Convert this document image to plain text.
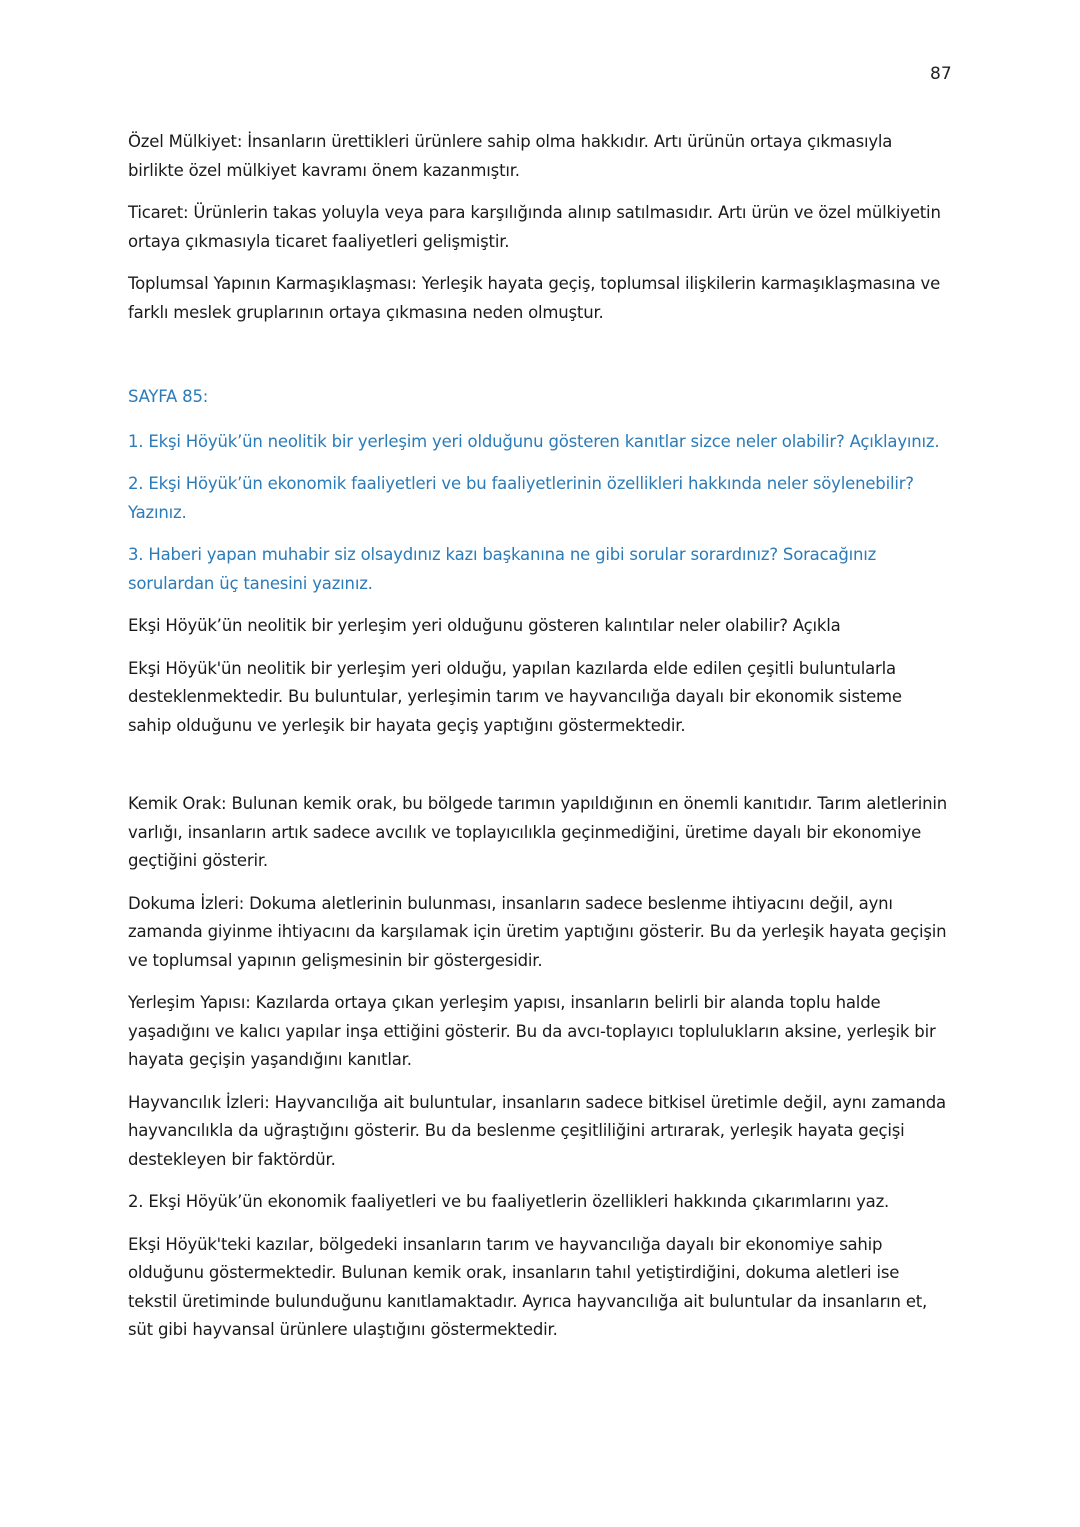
87

Özel Mülkiyet: İnsanların ürettikleri ürünlere sahip olma hakkıdır. Artı ürünün ortaya çıkmasıyla birlikte özel mülkiyet kavramı önem kazanmıştır.

Ticaret: Ürünlerin takas yoluyla veya para karşılığında alınıp satılmasıdır. Artı ürün ve özel mülkiyetin ortaya çıkmasıyla ticaret faaliyetleri gelişmiştir.

Toplumsal Yapının Karmaşıklaşması: Yerleşik hayata geçiş, toplumsal ilişkilerin karmaşıklaşmasına ve farklı meslek gruplarının ortaya çıkmasına neden olmuştur.

SAYFA 85:

1. Ekşi Höyük’ün neolitik bir yerleşim yeri olduğunu gösteren kanıtlar sizce neler olabilir? Açıklayınız.

2. Ekşi Höyük’ün ekonomik faaliyetleri ve bu faaliyetlerinin özellikleri hakkında neler söylenebilir? Yazınız.

3. Haberi yapan muhabir siz olsaydınız kazı başkanına ne gibi sorular sorardınız? Soracağınız sorulardan üç tanesini yazınız.

Ekşi Höyük’ün neolitik bir yerleşim yeri olduğunu gösteren kalıntılar neler olabilir? Açıkla

Ekşi Höyük'ün neolitik bir yerleşim yeri olduğu, yapılan kazılarda elde edilen çeşitli buluntularla desteklenmektedir. Bu buluntular, yerleşimin tarım ve hayvancılığa dayalı bir ekonomik sisteme sahip olduğunu ve yerleşik bir hayata geçiş yaptığını göstermektedir.

Kemik Orak: Bulunan kemik orak, bu bölgede tarımın yapıldığının en önemli kanıtıdır. Tarım aletlerinin varlığı, insanların artık sadece avcılık ve toplayıcılıkla geçinmediğini, üretime dayalı bir ekonomiye geçtiğini gösterir.

Dokuma İzleri: Dokuma aletlerinin bulunması, insanların sadece beslenme ihtiyacını değil, aynı zamanda giyinme ihtiyacını da karşılamak için üretim yaptığını gösterir. Bu da yerleşik hayata geçişin ve toplumsal yapının gelişmesinin bir göstergesidir.

Yerleşim Yapısı: Kazılarda ortaya çıkan yerleşim yapısı, insanların belirli bir alanda toplu halde yaşadığını ve kalıcı yapılar inşa ettiğini gösterir. Bu da avcı-toplayıcı toplulukların aksine, yerleşik bir hayata geçişin yaşandığını kanıtlar.

Hayvancılık İzleri: Hayvancılığa ait buluntular, insanların sadece bitkisel üretimle değil, aynı zamanda hayvancılıkla da uğraştığını gösterir. Bu da beslenme çeşitliliğini artırarak, yerleşik hayata geçişi destekleyen bir faktördür.

2. Ekşi Höyük’ün ekonomik faaliyetleri ve bu faaliyetlerin özellikleri hakkında çıkarımlarını yaz.

Ekşi Höyük'teki kazılar, bölgedeki insanların tarım ve hayvancılığa dayalı bir ekonomiye sahip olduğunu göstermektedir. Bulunan kemik orak, insanların tahıl yetiştirdiğini, dokuma aletleri ise tekstil üretiminde bulunduğunu kanıtlamaktadır. Ayrıca hayvancılığa ait buluntular da insanların et, süt gibi hayvansal ürünlere ulaştığını göstermektedir.
